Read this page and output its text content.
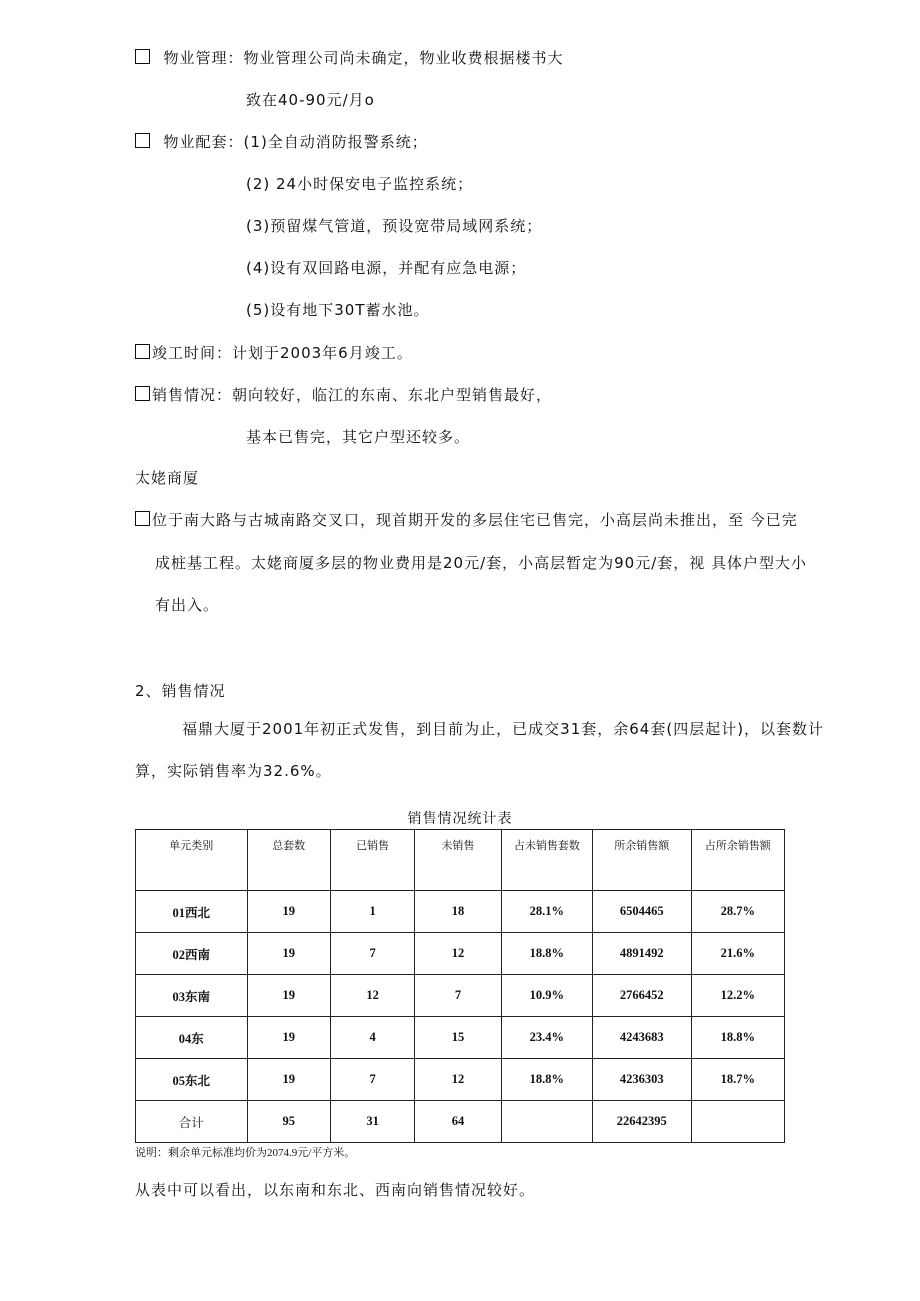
物业管理：物业管理公司尚未确定，物业收费根据楼书大
致在40-90元/月o
物业配套：(1)全自动消防报警系统；
(2) 24小时保安电子监控系统；
(3)预留煤气管道，预设宽带局域网系统；
(4)设有双回路电源，并配有应急电源；
(5)设有地下30T蓄水池。
竣工时间：计划于2003年6月竣工。
销售情况：朝向较好，临江的东南、东北户型销售最好，
基本已售完，其它户型还较多。
太姥商厦
位于南大路与古城南路交叉口，现首期开发的多层住宅已售完，小高层尚未推出，至 今已完
成桩基工程。太姥商厦多层的物业费用是20元/套，小高层暂定为90元/套，视 具体户型大小
有出入。
2、销售情况
福鼎大厦于2001年初正式发售，到目前为止，已成交31套，余64套(四层起计)，以套数计
算，实际销售率为32.6%。
销售情况统计表
单元类别	总套数	已销售	未销售	占未销售套数	所余销售额	占所余销售额
01西北	19	1	18	28.1%	6504465	28.7%
02西南	19	7	12	18.8%	4891492	21.6%
03东南	19	12	7	10.9%	2766452	12.2%
04东	19	4	15	23.4%	4243683	18.8%
05东北	19	7	12	18.8%	4236303	18.7%
合计	95	31	64		22642395	
说明：剩余单元标准均价为2074.9元/平方米。
从表中可以看出，以东南和东北、西南向销售情况较好。
